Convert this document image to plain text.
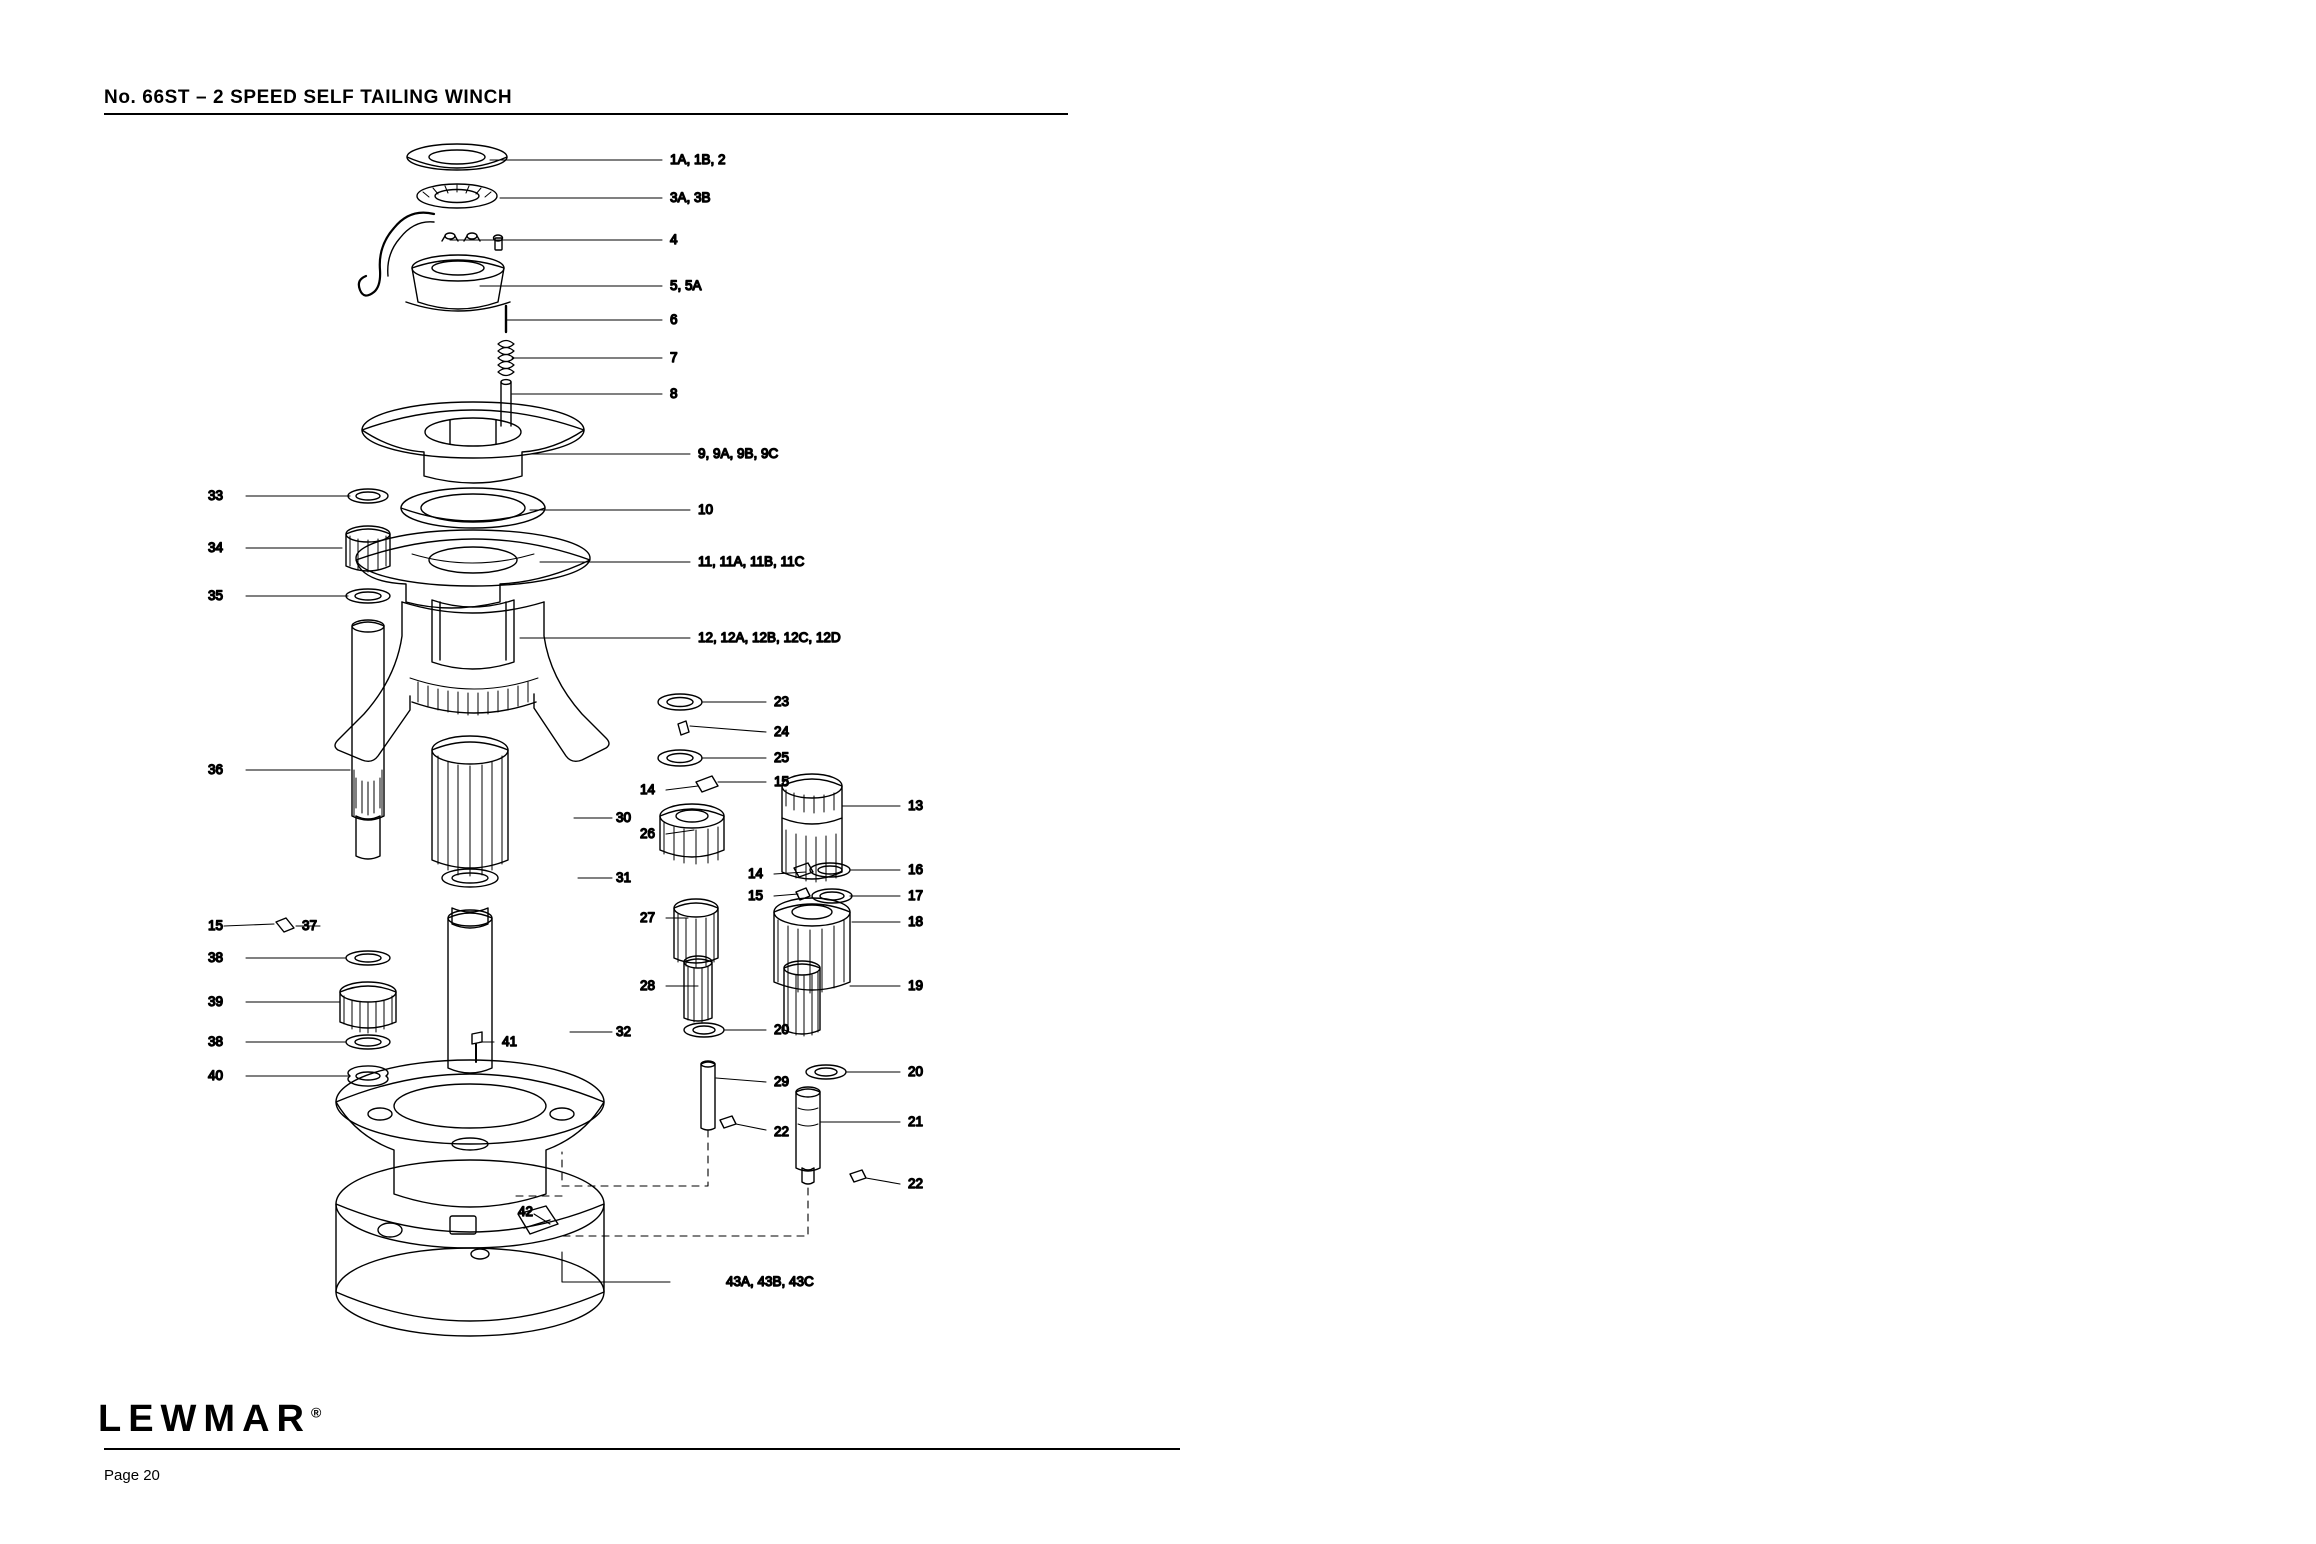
No. 66ST – 2 SPEED SELF TAILING WINCH
1A, 1B, 2
3A, 3B
4
5, 5A
6
7
8
9, 9A, 9B, 9C
10
11, 11A, 11B, 11C
12, 12A, 12B, 12C, 12D
33
34
35
36
23
24
25
14
15
13
26
30
14	16
15	17
31
18
27
15	37
38
28	19
39
38
20
32
41
40	20
29
22
21
22
42
43A, 43B, 43C
LEWMAR®
Page 20
